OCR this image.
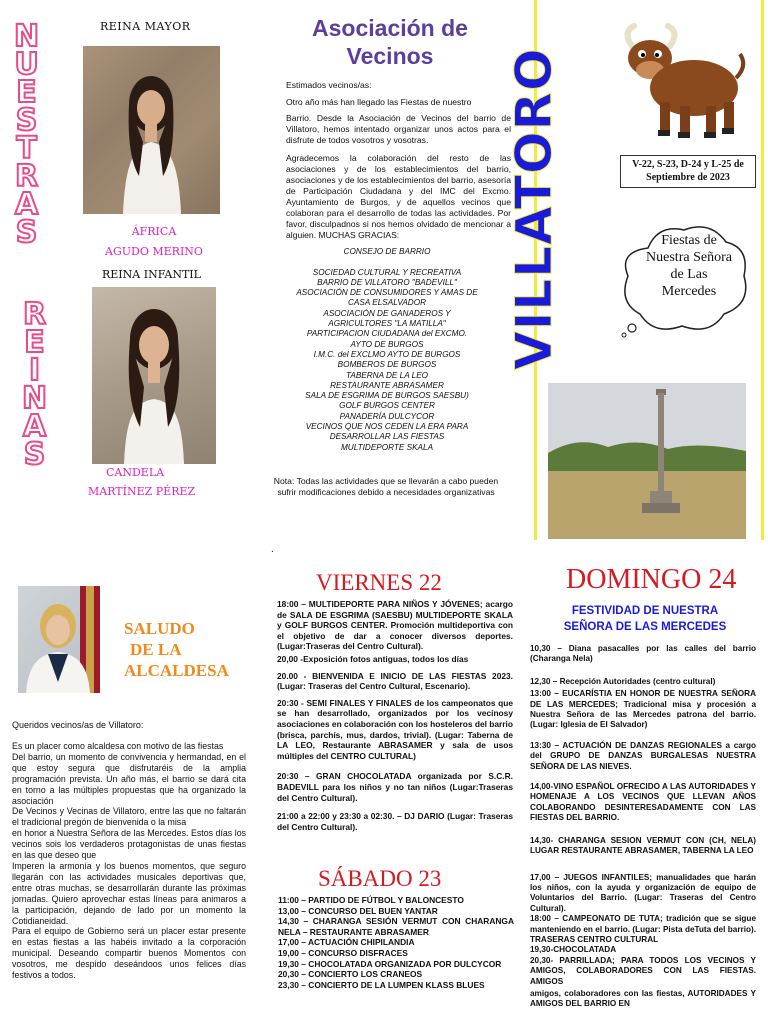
N
U
E
S
T
R
A
S
R
E
I
N
A
S
REINA MAYOR
ÁFRICA
AGUDO MERINO
REINA INFANTIL
CANDELA
MARTÍNEZ PÉREZ
Asociación de
Vecinos
Estimados vecinos/as:
Otro año más han llegado las Fiestas de nuestro
Barrio. Desde la Asociación de Vecinos del barrio de Villatoro, hemos intentado organizar unos actos para el disfrute de todos vosotros y vosotras.
Agradecemos la colaboración del resto de las asociaciones y de los establecimientos del barrio, asociaciones y de los establecimientos del barrio, asesoría de Participación Ciudadana y del IMC del Excmo. Ayuntamiento de Burgos, y de aquellos vecinos que colaboran para el desarrollo de todas las actividades. Por favor, disculpadnos si nos hemos olvidado de mencionar a alguien. MUCHAS GRACIAS:
CONSEJO DE BARRIO

SOCIEDAD CULTURAL Y RECREATIVA
BARRIO DE VILLATORO "BADEVILL"
ASOCIACIÓN DE CONSUMIDORES Y AMAS DE
CASA ELSALVADOR
ASOCIACIÓN DE GANADEROS Y
AGRICULTORES "LA MATILLA"
PARTICIPACION CIUDADANA del EXCMO.
AYTO DE BURGOS
I.M.C. del EXCLMO AYTO DE BURGOS
BOMBEROS DE BURGOS
TABERNA DE LA LEO
RESTAURANTE ABRASAMER
SALA DE ESGRIMA DE BURGOS SAESBU)
GOLF BURGOS CENTER
PANADERÍA DULCYCOR
VECINOS QUE NOS CEDEN LA ERA PARA
DESARROLLAR LAS FIESTAS
MULTIDEPORTE SKALA
Nota: Todas las actividades que se llevarán a cabo pueden sufrir modificaciones debido a necesidades organizativas
.
VILLATORO	V-22, S-23, D-24 y L-25 de Septiembre de 2023
Fiestas de Nuestra Señora de Las Mercedes
SALUDO
DE LA
ALCALDESA
Queridos vecinos/as de Villatoro:
Es un placer como alcaldesa con motivo de las fiestas
Del barrio, un momento de convivencia y hermandad, en el que estoy segura que disfrutaréis de la amplia programación prevista. Un año más, el barrio se dará cita en torno a las múltiples propuestas que ha organizado la asociación
De Vecinos y Vecinas de Villatoro, entre las que no faltarán el tradicional pregón de bienvenida o la misa
en honor a Nuestra Señora de las Mercedes. Estos días los vecinos sois los verdaderos protagonistas de unas fiestas en las que deseo que
Imperen la armonía y los buenos momentos, que seguro llegarán con las actividades musicales deportivas que, entre otras muchas, se desarrollarán durante las próximas jornadas. Quiero aprovechar estas líneas para animaros a la participación, dejando de lado por un momento la Cotidianeidad.
Para el equipo de Gobierno será un placer estar presente en estas fiestas a las habéis invitado a la corporación municipal. Deseando compartir buenos Momentos con vosotros, me despido deseándoos unos felices días festivos a todos.
VIERNES 22
18:00 – MULTIDEPORTE PARA NIÑOS Y JÓVENES; acargo de SALA DE ESGRIMA (SAESBU) MULTIDEPORTE SKALA y GOLF BURGOS CENTER. Promoción multideportiva con el objetivo de dar a conocer diversos deportes. (Lugar:Traseras del Centro Cultural).
20,00 -Exposición fotos antiguas, todos los días
20.00 - BIENVENIDA E INICIO DE LAS FIESTAS 2023. (Lugar: Traseras del Centro Cultural, Escenario).
20:30 - SEMI FINALES Y FINALES de los campeonatos que se han desarrollado, organizados por los vecinosy asociaciones en colaboración con los hosteleros del barrio (brisca, parchís, mus, dardos, trivial). (Lugar: Taberna de LA LEO, Restaurante ABRASAMER y sala de usos múltiples del CENTRO CULTURAL)
20:30 – GRAN CHOCOLATADA organizada por S.C.R. BADEVILL para los niños y no tan niños (Lugar:Traseras del Centro Cultural).
21:00 a 22:00 y 23:30 a 02:30. – DJ DARIO (Lugar: Traseras del Centro Cultural).
SÁBADO 23
11:00 – PARTIDO DE FÚTBOL Y BALONCESTO
13,00 – CONCURSO DEL BUEN YANTAR
14,30 – CHARANGA SESIÓN VERMUT CON CHARANGA NELA – RESTAURANTE ABRASAMER
17,00 – ACTUACIÓN CHIPILANDIA
19,00 – CONCURSO DISFRACES
19,30 – CHOCOLATADA ORGANIZADA POR DULCYCOR
20,30 – CONCIERTO LOS CRANEOS
23,30 – CONCIERTO DE LA LUMPEN KLASS BLUES
DOMINGO 24
FESTIVIDAD DE NUESTRA
SEÑORA DE LAS MERCEDES
10,30 – Diana pasacalles por las calles del barrio (Charanga Nela)
12,30 – Recepción Autoridades (centro cultural)
13:00 – EUCARÍSTIA EN HONOR DE NUESTRA SEÑORA DE LAS MERCEDES; Tradicional misa y procesión a Nuestra Señora de las Mercedes patrona del barrio. (Lugar: Iglesia de El Salvador)
13:30 – ACTUACIÓN DE DANZAS REGIONALES a cargo del GRUPO DE DANZAS BURGALESAS NUESTRA SEÑORA DE LAS NIEVES.
14,00-VINO ESPAÑOL OFRECIDO A LAS AUTORIDADES Y HOMENAJE A LOS VECINOS QUE LLEVAN AÑOS COLABORANDO DESINTERESADAMENTE CON LAS FIESTAS DEL BARRIO.
14,30- CHARANGA SESION VERMUT CON (CH, NELA) LUGAR RESTAURANTE ABRASAMER, TABERNA LA LEO
17,00 – JUEGOS INFANTILES; manualidades que harán los niños, con la ayuda y organización de equipo de Voluntarios del Barrio. (Lugar: Traseras del Centro Cultural).
18:00 – CAMPEONATO DE TUTA; tradición que se sigue manteniendo en el barrio. (Lugar: Pista deTuta del barrio). TRASERAS CENTRO CULTURAL
19,30-CHOCOLATADA
20,30- PARRILLADA; PARA TODOS LOS VECINOS Y AMIGOS, COLABORADORES CON LAS FIESTAS. AMIGOS
amigos, colaboradores con las fiestas, AUTORIDADES Y AMIGOS DEL BARRIO EN
